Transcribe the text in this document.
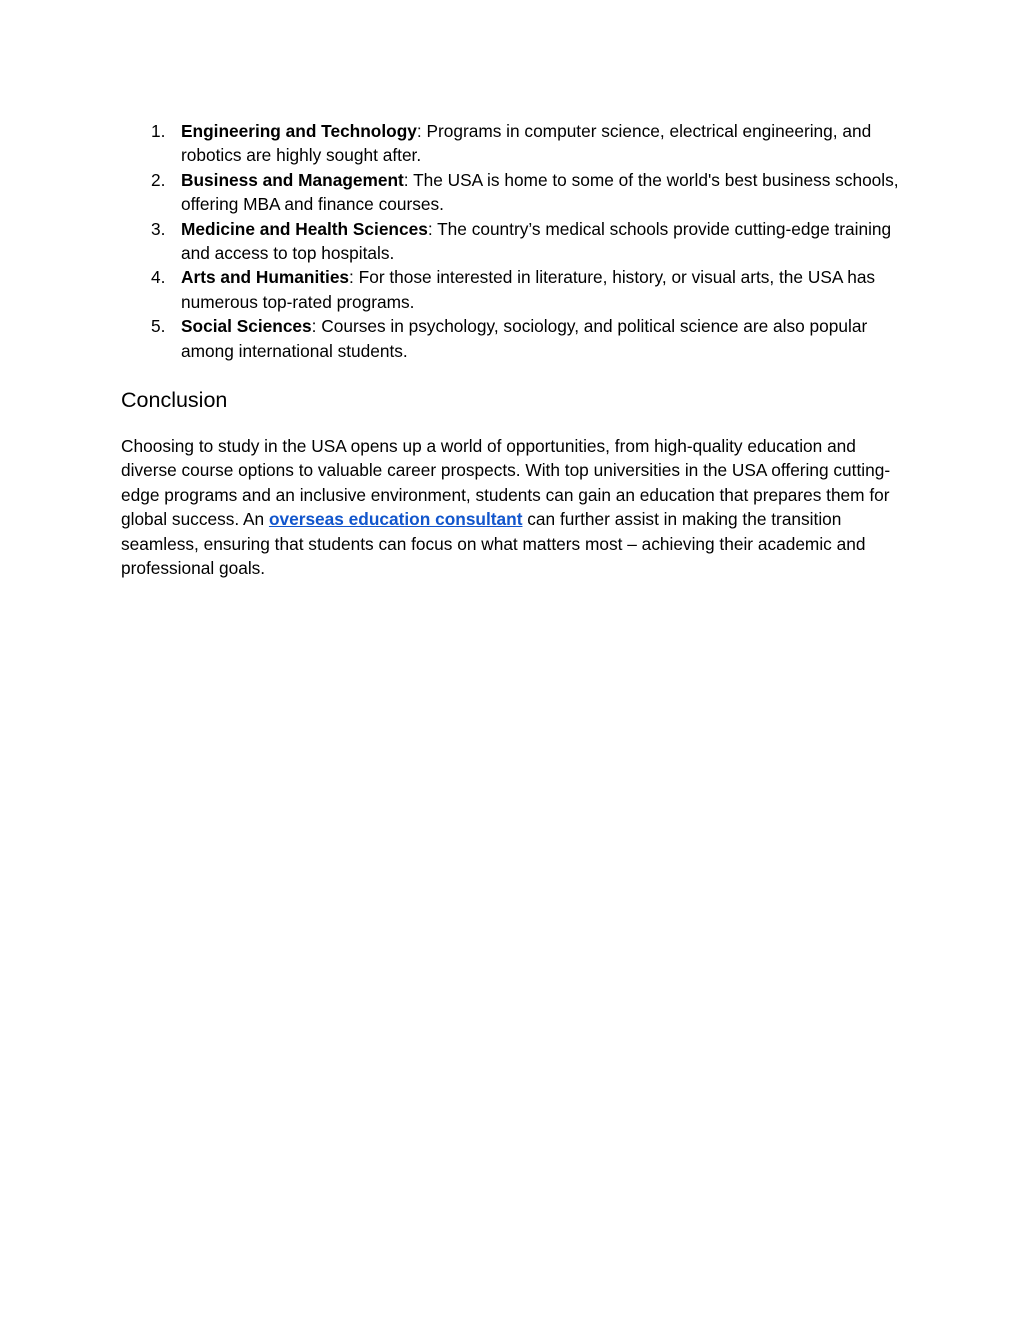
1. Engineering and Technology: Programs in computer science, electrical engineering, and robotics are highly sought after.
2. Business and Management: The USA is home to some of the world's best business schools, offering MBA and finance courses.
3. Medicine and Health Sciences: The country’s medical schools provide cutting-edge training and access to top hospitals.
4. Arts and Humanities: For those interested in literature, history, or visual arts, the USA has numerous top-rated programs.
5. Social Sciences: Courses in psychology, sociology, and political science are also popular among international students.
Conclusion

Choosing to study in the USA opens up a world of opportunities, from high-quality education and diverse course options to valuable career prospects. With top universities in the USA offering cutting-edge programs and an inclusive environment, students can gain an education that prepares them for global success. An overseas education consultant can further assist in making the transition seamless, ensuring that students can focus on what matters most – achieving their academic and professional goals.
